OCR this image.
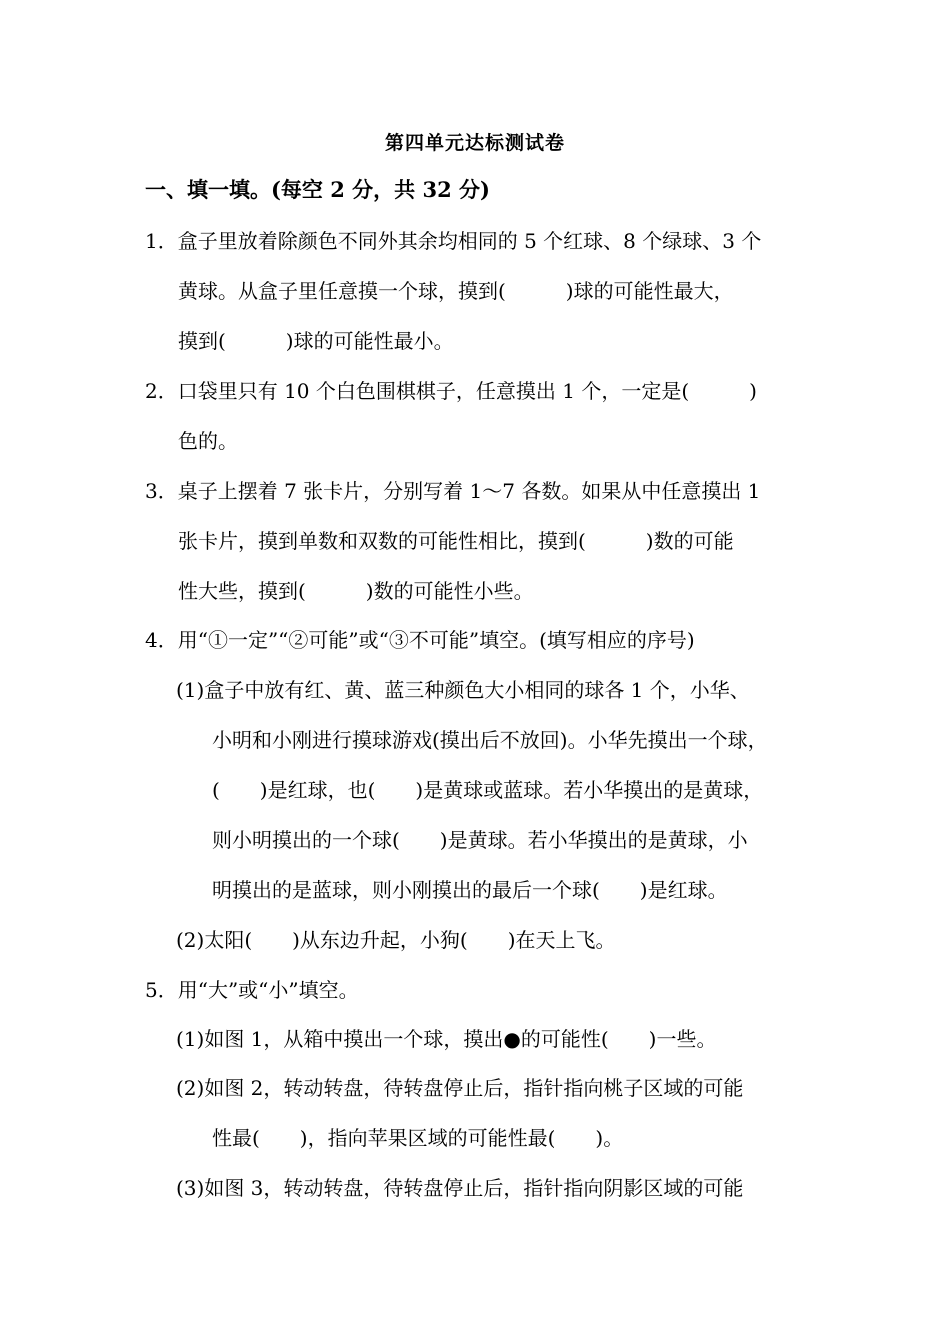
第四单元达标测试卷
一、填一填。(每空 2 分，共 32 分)
1．盒子里放着除颜色不同外其余均相同的 5 个红球、8 个绿球、3 个
黄球。从盒子里任意摸一个球，摸到(　　　)球的可能性最大，
摸到(　　　)球的可能性最小。
2．口袋里只有 10 个白色围棋棋子，任意摸出 1 个，一定是(　　　)
色的。
3．桌子上摆着 7 张卡片，分别写着 1～7 各数。如果从中任意摸出 1
张卡片，摸到单数和双数的可能性相比，摸到(　　　)数的可能
性大些，摸到(　　　)数的可能性小些。
4．用“①一定”“②可能”或“③不可能”填空。(填写相应的序号)
(1)盒子中放有红、黄、蓝三种颜色大小相同的球各 1 个，小华、
小明和小刚进行摸球游戏(摸出后不放回)。小华先摸出一个球，
(　　)是红球，也(　　)是黄球或蓝球。若小华摸出的是黄球，
则小明摸出的一个球(　　)是黄球。若小华摸出的是黄球，小
明摸出的是蓝球，则小刚摸出的最后一个球(　　)是红球。
(2)太阳(　　)从东边升起，小狗(　　)在天上飞。
5．用“大”或“小”填空。
(1)如图 1，从箱中摸出一个球，摸出●的可能性(　　)一些。
(2)如图 2，转动转盘，待转盘停止后，指针指向桃子区域的可能
性最(　　)，指向苹果区域的可能性最(　　)。
(3)如图 3，转动转盘，待转盘停止后，指针指向阴影区域的可能
